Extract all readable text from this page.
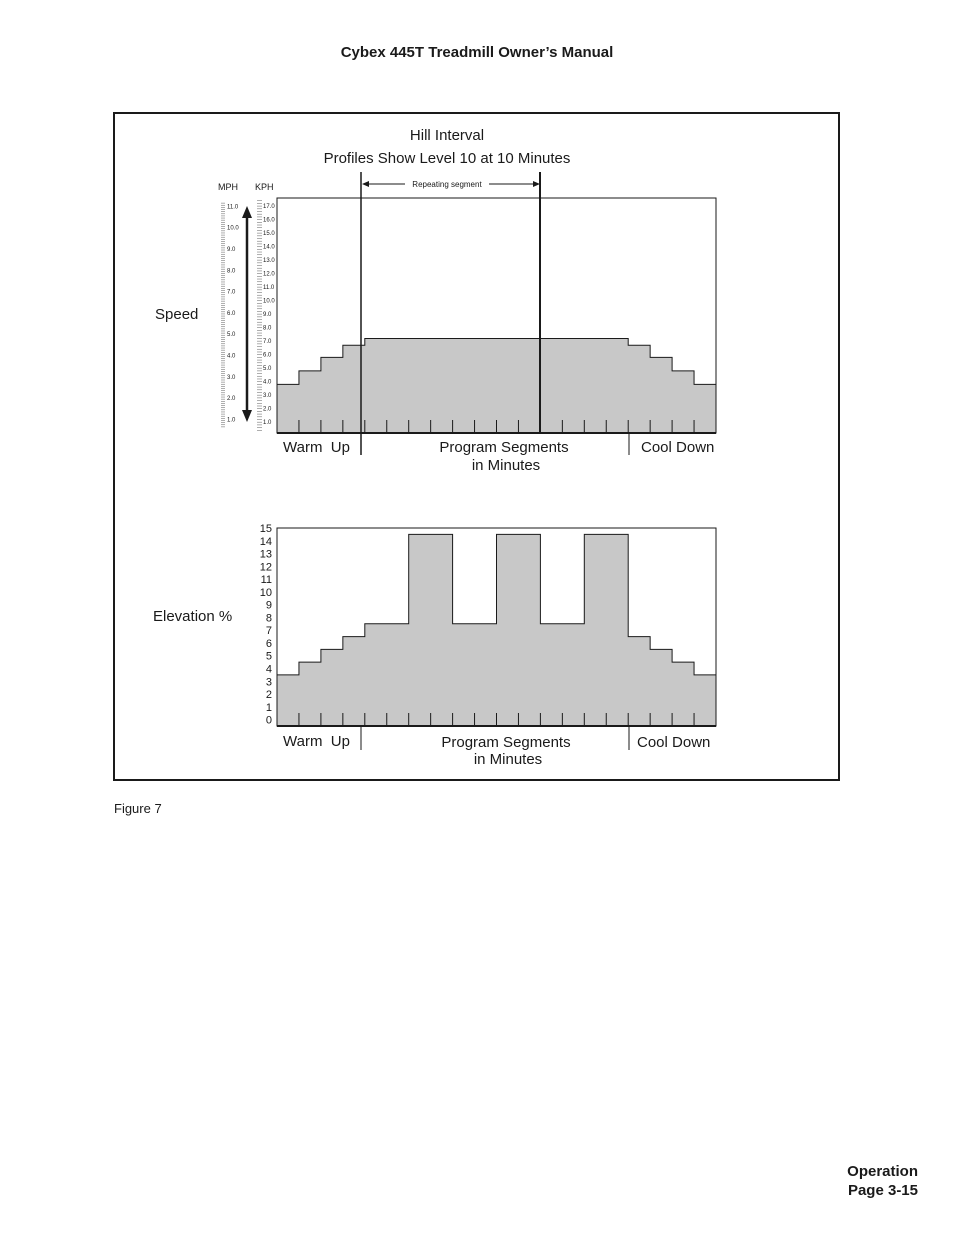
Cybex 445T Treadmill Owner’s Manual
Hill Interval
Profiles Show Level 10 at 10 Minutes
Speed
MPH KPH
1.0
2.0
3.0
4.0
5.0
6.0
7.0
8.0
9.0
10.0
11.0
1.0
2.0
3.0
4.0
5.0
6.0
7.0
8.0
9.0
10.0
11.0
12.0
13.0
14.0
15.0
16.0
17.0
Repeating segment
Warm  Up	Program Segments
in Minutes
Cool Down
Elevation %
0
1
2
3
4
5
6
7
8
9
10
11
12
13
14
15
Warm  Up	Program Segments
in Minutes
Cool Down
Figure 7
Operation
Page 3-15
